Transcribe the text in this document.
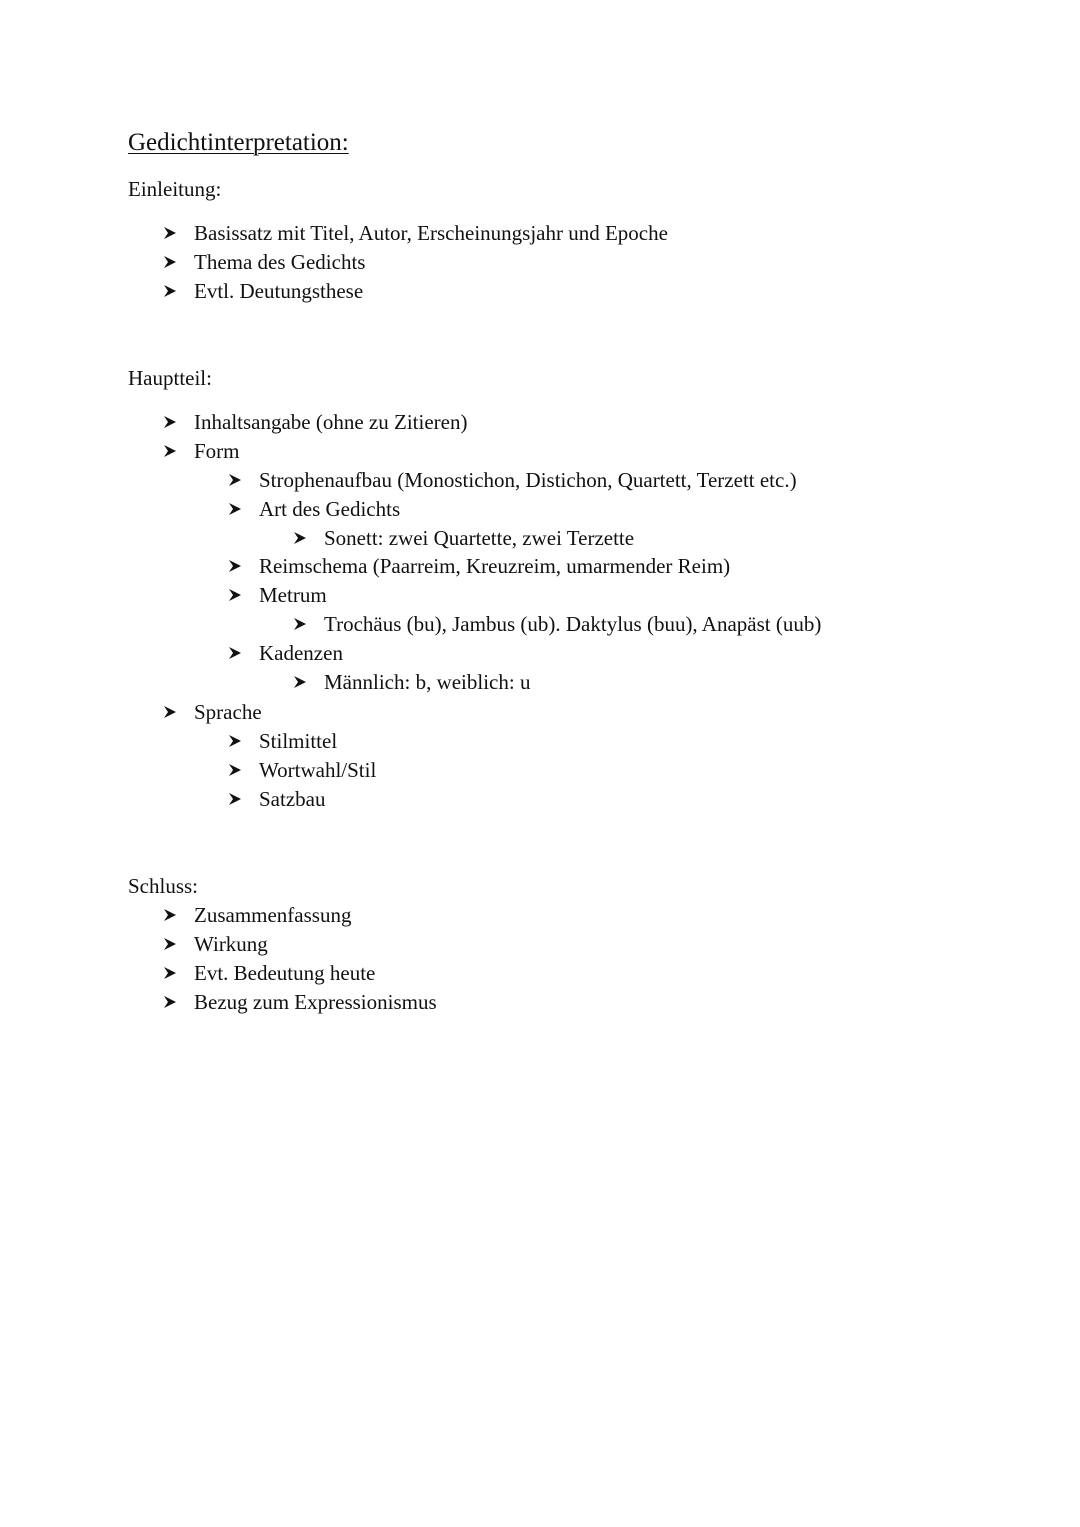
Gedichtinterpretation:
Einleitung:
Basissatz mit Titel, Autor, Erscheinungsjahr und Epoche
Thema des Gedichts
Evtl. Deutungsthese
Hauptteil:
Inhaltsangabe (ohne zu Zitieren)
Form
Strophenaufbau (Monostichon, Distichon, Quartett, Terzett etc.)
Art des Gedichts
Sonett: zwei Quartette, zwei Terzette
Reimschema (Paarreim, Kreuzreim, umarmender Reim)
Metrum
Trochäus (bu), Jambus (ub). Daktylus (buu), Anapäst (uub)
Kadenzen
Männlich: b, weiblich: u
Sprache
Stilmittel
Wortwahl/Stil
Satzbau
Schluss:
Zusammenfassung
Wirkung
Evt. Bedeutung heute
Bezug zum Expressionismus
